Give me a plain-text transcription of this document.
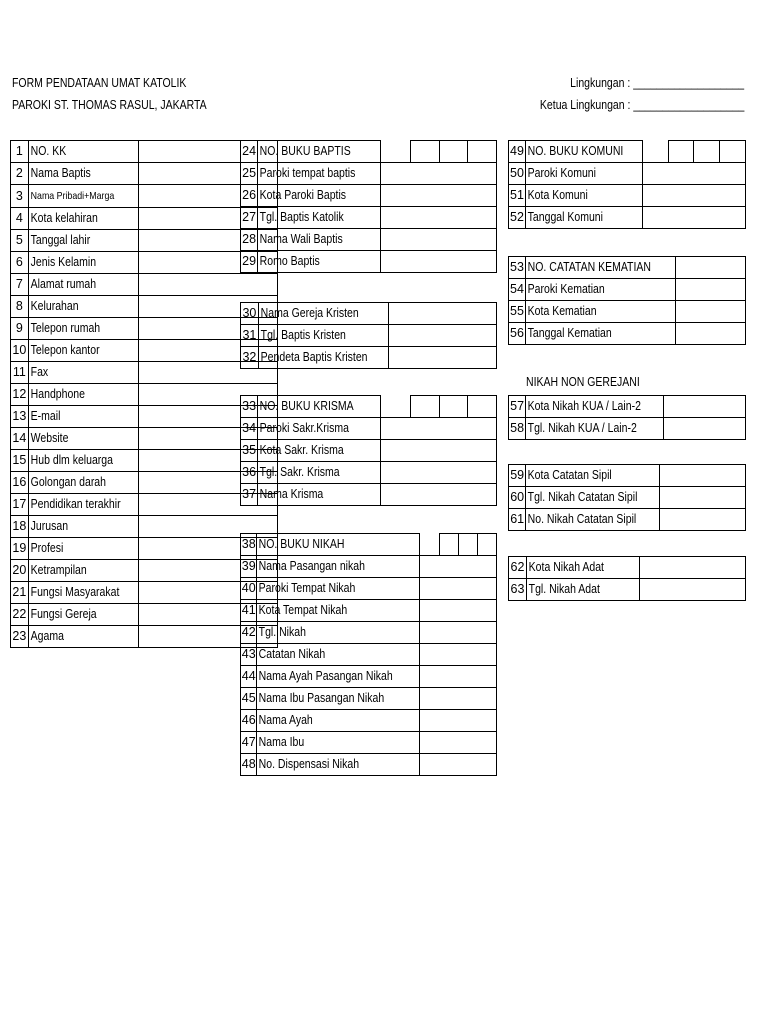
FORM PENDATAAN UMAT KATOLIK
PAROKI ST. THOMAS RASUL, JAKARTA
Lingkungan : ___________________
Ketua Lingkungan : ___________________
1	NO. KK	
2	Nama Baptis	
3	Nama Pribadi+Marga	
4	Kota kelahiran	
5	Tanggal lahir	
6	Jenis Kelamin	
7	Alamat rumah	
8	Kelurahan	
9	Telepon rumah	
10	Telepon kantor	
11	Fax	
12	Handphone	
13	E-mail	
14	Website	
15	Hub dlm keluarga	
16	Golongan darah	
17	Pendidikan terakhir	
18	Jurusan	
19	Profesi	
20	Ketrampilan	
21	Fungsi Masyarakat	
22	Fungsi Gereja	
23	Agama	
24	NO. BUKU BAPTIS				
25	Paroki tempat baptis				
26	Kota Paroki Baptis				
27	Tgl. Baptis Katolik				
28	Nama Wali Baptis				
29	Romo Baptis				
30	Nama Gereja Kristen	
31	Tgl. Baptis Kristen	
32	Pendeta Baptis Kristen	
33	NO. BUKU KRISMA				
34	Paroki Sakr.Krisma				
35	Kota Sakr. Krisma				
36	Tgl. Sakr. Krisma				
37	Nama Krisma				
38	NO. BUKU NIKAH				
39	Nama Pasangan nikah				
40	Paroki Tempat Nikah				
41	Kota Tempat Nikah				
42	Tgl. Nikah				
43	Catatan Nikah				
44	Nama Ayah Pasangan Nikah				
45	Nama Ibu Pasangan Nikah				
46	Nama Ayah				
47	Nama Ibu				
48	No. Dispensasi Nikah				
49	NO. BUKU KOMUNI				
50	Paroki Komuni				
51	Kota Komuni				
52	Tanggal Komuni				
53	NO. CATATAN KEMATIAN	
54	Paroki Kematian	
55	Kota Kematian	
56	Tanggal Kematian	
NIKAH NON GEREJANI
57	Kota Nikah KUA / Lain-2	
58	Tgl. Nikah KUA / Lain-2	
59	Kota Catatan Sipil	
60	Tgl. Nikah Catatan Sipil	
61	No. Nikah Catatan Sipil	
62	Kota Nikah Adat	
63	Tgl. Nikah Adat	
